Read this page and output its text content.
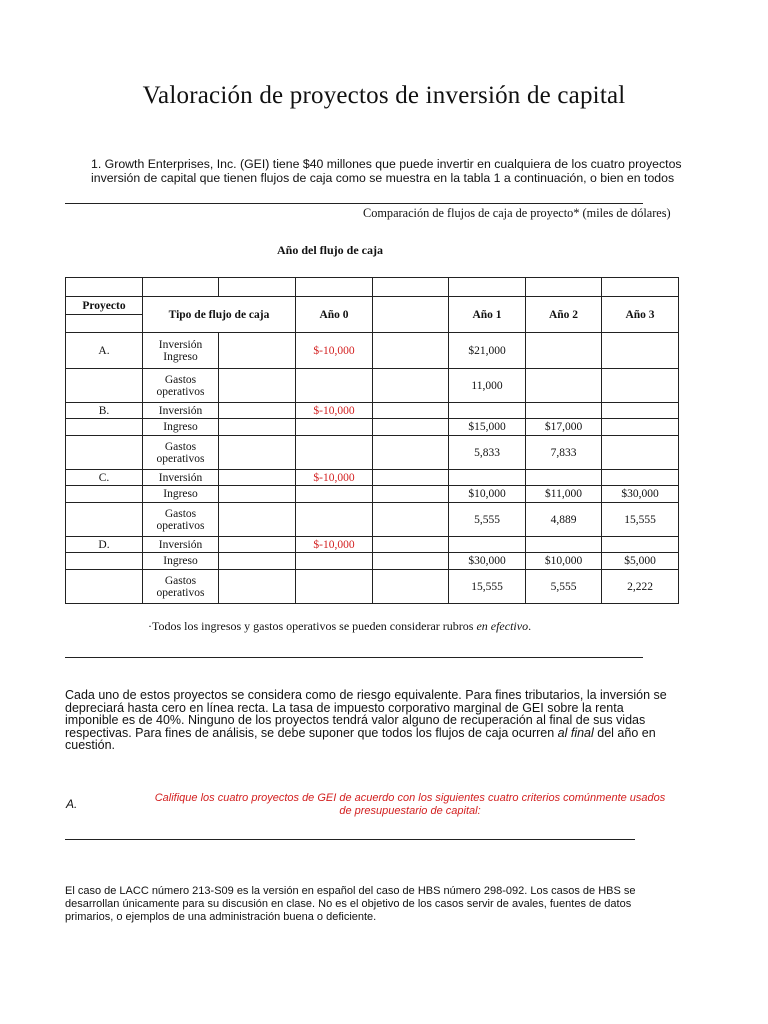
Valoración de proyectos de inversión de capital
1. Growth Enterprises, Inc. (GEI) tiene $40 millones que puede invertir en cualquiera de los cuatro proyectos
inversión de capital que tienen flujos de caja como se muestra en la tabla 1 a continuación, o bien en todos
Comparación de flujos de caja de proyecto* (miles de dólares)
Año del flujo de caja

Proyecto	Tipo de flujo de caja		Año 0		Año 1	Año 2	Año 3

A.	Inversión Ingreso		$-10,000		$21,000		
	Gastos operativos				11,000		
B.	Inversión		$-10,000				
	Ingreso				$15,000	$17,000	
	Gastos operativos				5,833	7,833	
C.	Inversión		$-10,000				
	Ingreso				$10,000	$11,000	$30,000
	Gastos operativos				5,555	4,889	15,555
D.	Inversión		$-10,000				
	Ingreso				$30,000	$10,000	$5,000
	Gastos operativos				15,555	5,555	2,222
·Todos los ingresos y gastos operativos se pueden considerar rubros en efectivo.
Cada uno de estos proyectos se considera como de riesgo equivalente. Para fines tributarios, la inversión se depreciará hasta cero en línea recta. La tasa de impuesto corporativo marginal de GEI sobre la renta imponible es de 40%. Ninguno de los proyectos tendrá valor alguno de recuperación al final de sus vidas respectivas. Para fines de análisis, se debe suponer que todos los flujos de caja ocurren al final del año en cuestión.
A.	Califique los cuatro proyectos de GEI de acuerdo con los siguientes cuatro criterios comúnmente usados de presupuestario de capital:
El caso de LACC número 213-S09 es la versión en español del caso de HBS número 298-092. Los casos de HBS se desarrollan únicamente para su discusión en clase. No es el objetivo de los casos servir de avales, fuentes de datos primarios, o ejemplos de una administración buena o deficiente.
